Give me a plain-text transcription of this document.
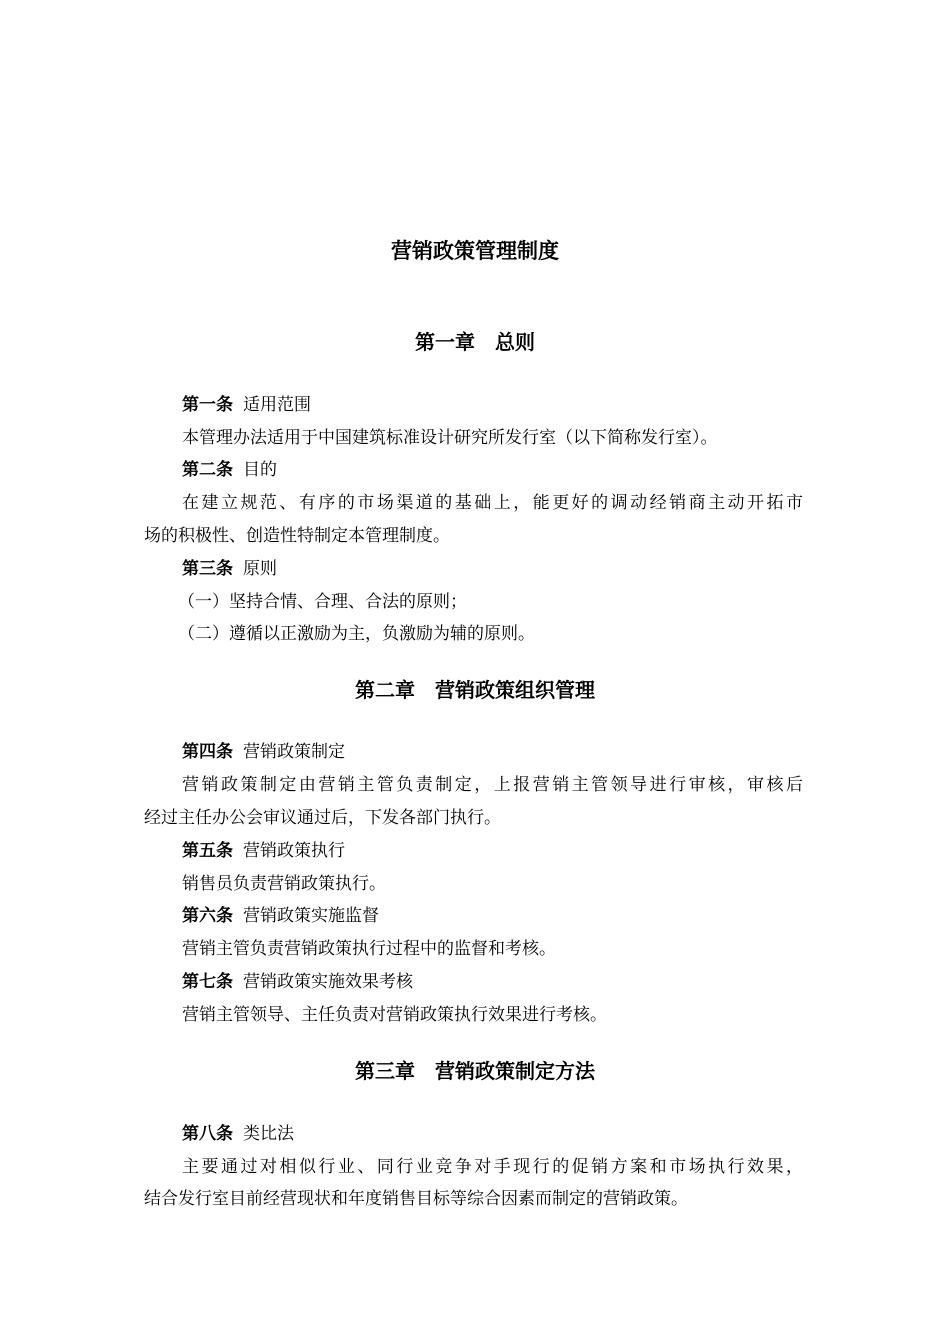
营销政策管理制度
第一章　总则
第一条 适用范围
本管理办法适用于中国建筑标准设计研究所发行室（以下简称发行室）。
第二条 目的
在建立规范、有序的市场渠道的基础上，能更好的调动经销商主动开拓市
场的积极性、创造性特制定本管理制度。
第三条 原则
（一）坚持合情、合理、合法的原则；
（二）遵循以正激励为主，负激励为辅的原则。
第二章　营销政策组织管理
第四条 营销政策制定
营销政策制定由营销主管负责制定，上报营销主管领导进行审核，审核后
经过主任办公会审议通过后，下发各部门执行。
第五条 营销政策执行
销售员负责营销政策执行。
第六条 营销政策实施监督
营销主管负责营销政策执行过程中的监督和考核。
第七条 营销政策实施效果考核
营销主管领导、主任负责对营销政策执行效果进行考核。
第三章　营销政策制定方法
第八条 类比法
主要通过对相似行业、同行业竞争对手现行的促销方案和市场执行效果，
结合发行室目前经营现状和年度销售目标等综合因素而制定的营销政策。
